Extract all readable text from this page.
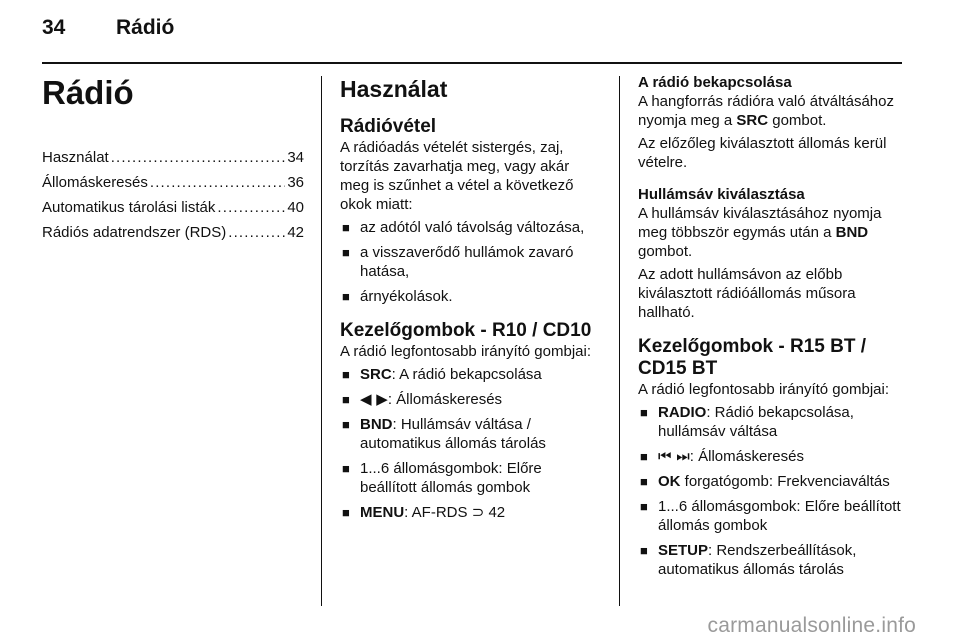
34 Rádió
Rádió
Használat . . .	34
Állomáskeresés . . .	36
Automatikus tárolási listák . . .	40
Rádiós adatrendszer (RDS) . . .	42
Használat
Rádióvétel

A rádióadás vételét sistergés, zaj, torzítás zavarhatja meg, vagy akár meg is szűnhet a vétel a következő okok miatt:

■ az adótól való távolság változása,
■ a visszaverődő hullámok zavaró hatása,
■ árnyékolások.
Kezelőgombok - R10 / CD10

A rádió legfontosabb irányító gombjai:

■ SRC: A rádió bekapcsolása
■ ◀ ▶: Állomáskeresés
■ BND: Hullámsáv váltása / automatikus állomás tárolás
■ 1...6 állomásgombok: Előre beállított állomás gombok
■ MENU: AF-RDS ⊃ 42
A rádió bekapcsolása

A hangforrás rádióra való átváltásához nyomja meg a SRC gombot.

Az előzőleg kiválasztott állomás kerül vételre.

Hullámsáv kiválasztása

A hullámsáv kiválasztásához nyomja meg többször egymás után a BND gombot.

Az adott hullámsávon az előbb kiválasztott rádióállomás műsora hallható.

Kezelőgombok - R15 BT / CD15 BT

A rádió legfontosabb irányító gombjai:

■ RADIO: Rádió bekapcsolása, hullámsáv váltása
■ ⏮ ⏭: Állomáskeresés
■ OK forgatógomb: Frekvenciaváltás
■ 1...6 állomásgombok: Előre beállított állomás gombok
■ SETUP: Rendszerbeállítások, automatikus állomás tárolás
carmanualsonline.info
